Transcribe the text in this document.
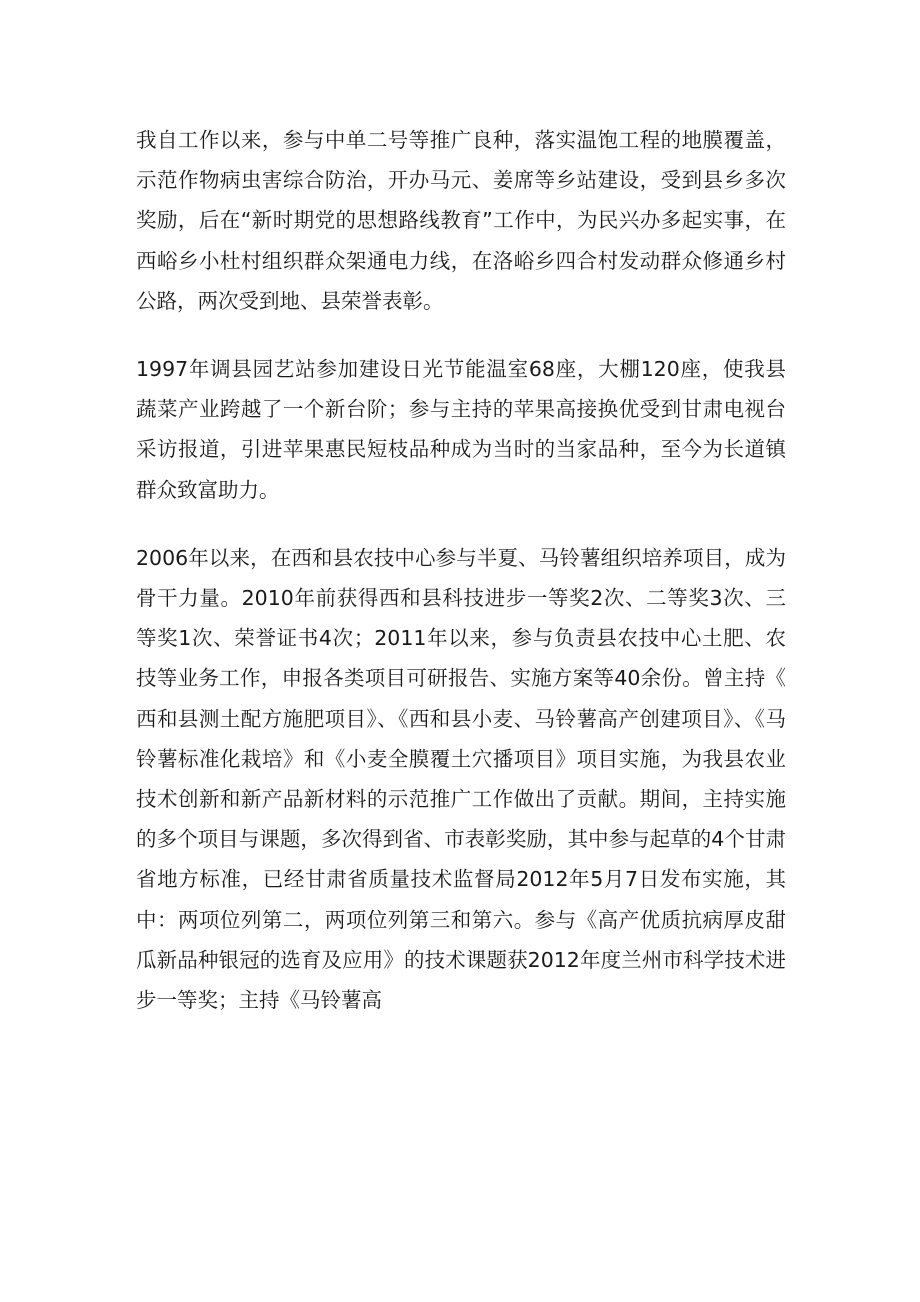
我自工作以来，参与中单二号等推广良种，落实温饱工程的地膜覆盖，示范作物病虫害综合防治，开办马元、姜席等乡站建设，受到县乡多次奖励，后在“新时期党的思想路线教育”工作中，为民兴办多起实事，在西峪乡小杜村组织群众架通电力线，在洛峪乡四合村发动群众修通乡村公路，两次受到地、县荣誉表彰。

1997年调县园艺站参加建设日光节能温室68座，大棚120座，使我县蔬菜产业跨越了一个新台阶；参与主持的苹果高接换优受到甘肃电视台采访报道，引进苹果惠民短枝品种成为当时的当家品种，至今为长道镇群众致富助力。

2006年以来，在西和县农技中心参与半夏、马铃薯组织培养项目，成为骨干力量。2010年前获得西和县科技进步一等奖2次、二等奖3次、三等奖1次、荣誉证书4次；2011年以来，参与负责县农技中心土肥、农技等业务工作，申报各类项目可研报告、实施方案等40余份。曾主持《西和县测土配方施肥项目》、《西和县小麦、马铃薯高产创建项目》、《马铃薯标准化栽培》和《小麦全膜覆土穴播项目》项目实施，为我县农业技术创新和新产品新材料的示范推广工作做出了贡献。期间，主持实施的多个项目与课题，多次得到省、市表彰奖励，其中参与起草的4个甘肃省地方标准，已经甘肃省质量技术监督局2012年5月7日发布实施，其中：两项位列第二，两项位列第三和第六。参与《高产优质抗病厚皮甜瓜新品种银冠的选育及应用》的技术课题获2012年度兰州市科学技术进步一等奖；主持《马铃薯高
